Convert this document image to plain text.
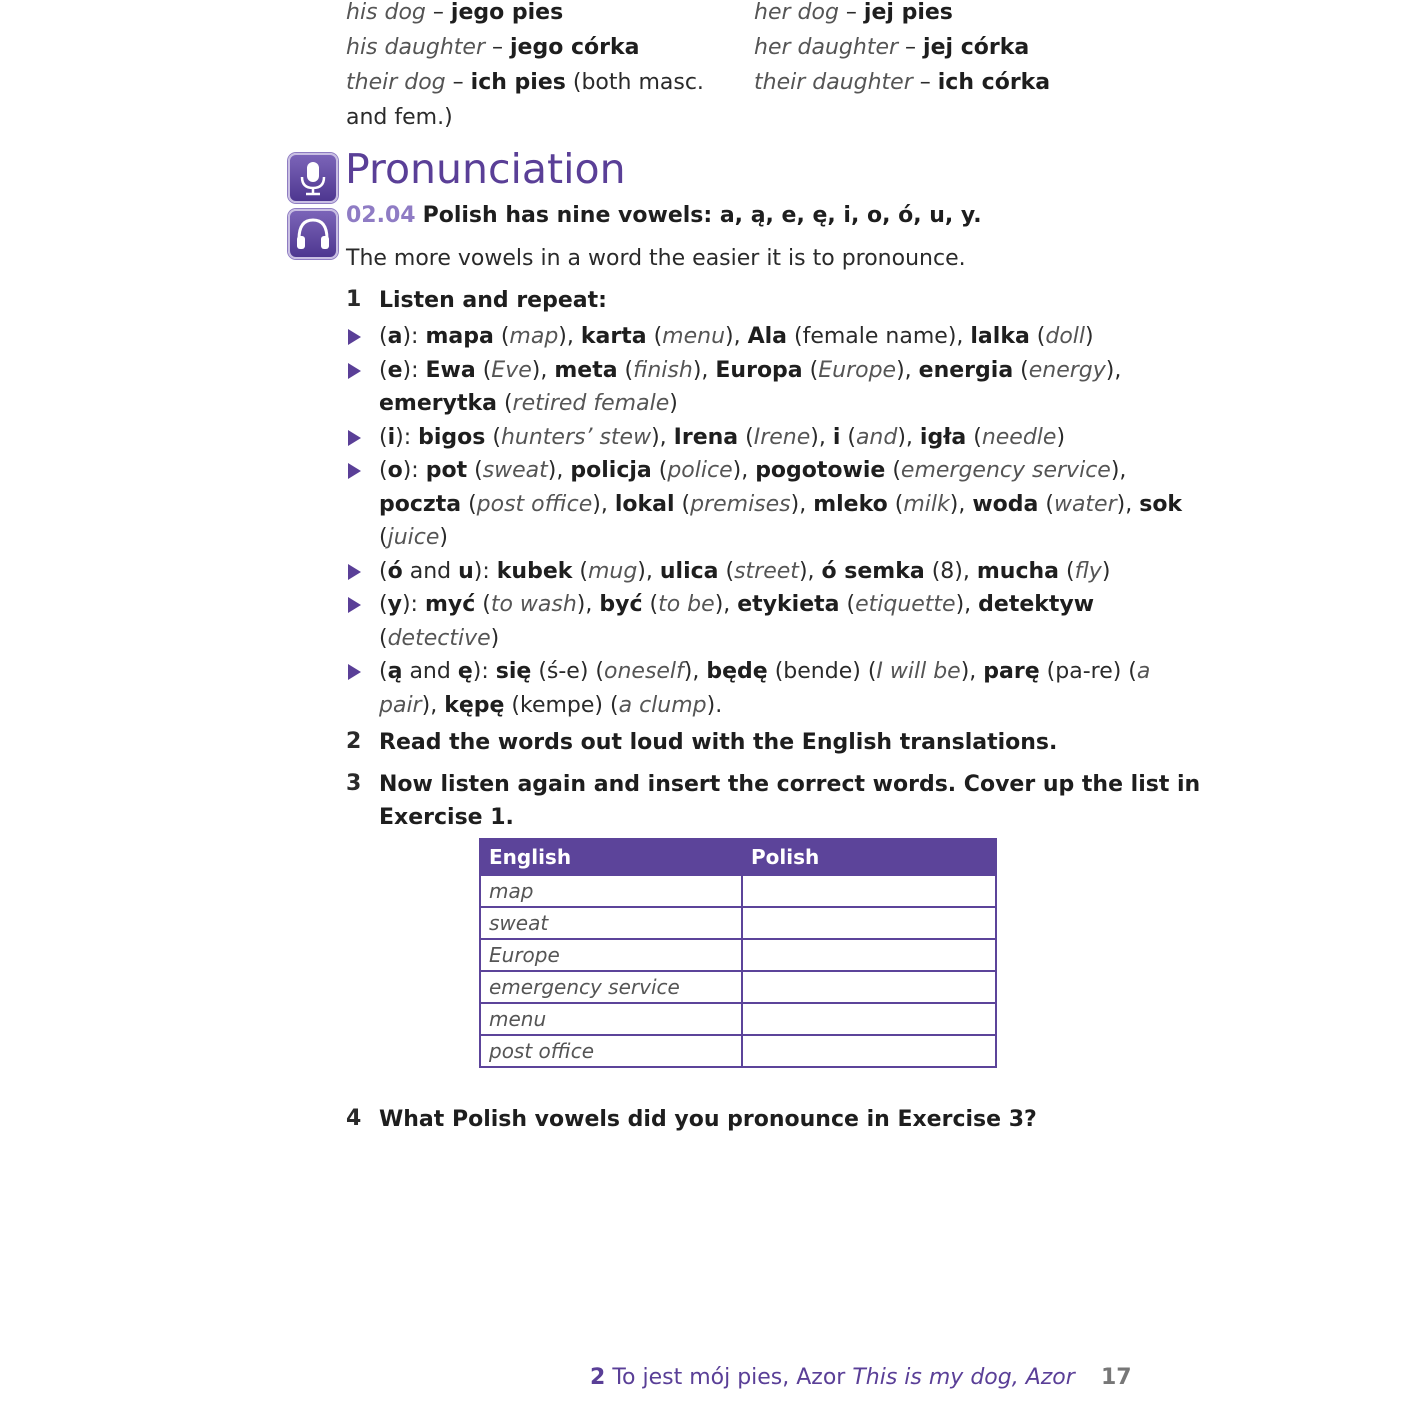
his dog – jego pies
his daughter – jego córka
their dog – ich pies (both masc.
and fem.)
her dog – jej pies
her daughter – jej córka
their daughter – ich córka
Pronunciation
02.04 Polish has nine vowels: a, ą, e, ę, i, o, ó, u, y.
The more vowels in a word the easier it is to pronounce.
1 Listen and repeat:
(a): mapa (map), karta (menu), Ala (female name), lalka (doll)
(e): Ewa (Eve), meta (finish), Europa (Europe), energia (energy),
emerytka (retired female)
(i): bigos (hunters’ stew), Irena (Irene), i (and), igła (needle)
(o): pot (sweat), policja (police), pogotowie (emergency service),
poczta (post office), lokal (premises), mleko (milk), woda (water), sok
(juice)
(ó and u): kubek (mug), ulica (street), ó semka (8), mucha (fly)
(y): myć (to wash), być (to be), etykieta (etiquette), detektyw
(detective)
(ą and ę): się (ś-e) (oneself), będę (bende) (I will be), parę (pa-re) (a
pair), kępę (kempe) (a clump).
2 Read the words out loud with the English translations.
3 Now listen again and insert the correct words. Cover up the list in
Exercise 1.
English	Polish
map	
sweat	
Europe	
emergency service	
menu	
post office	
4 What Polish vowels did you pronounce in Exercise 3?
2 To jest mój pies, Azor This is my dog, Azor 17
